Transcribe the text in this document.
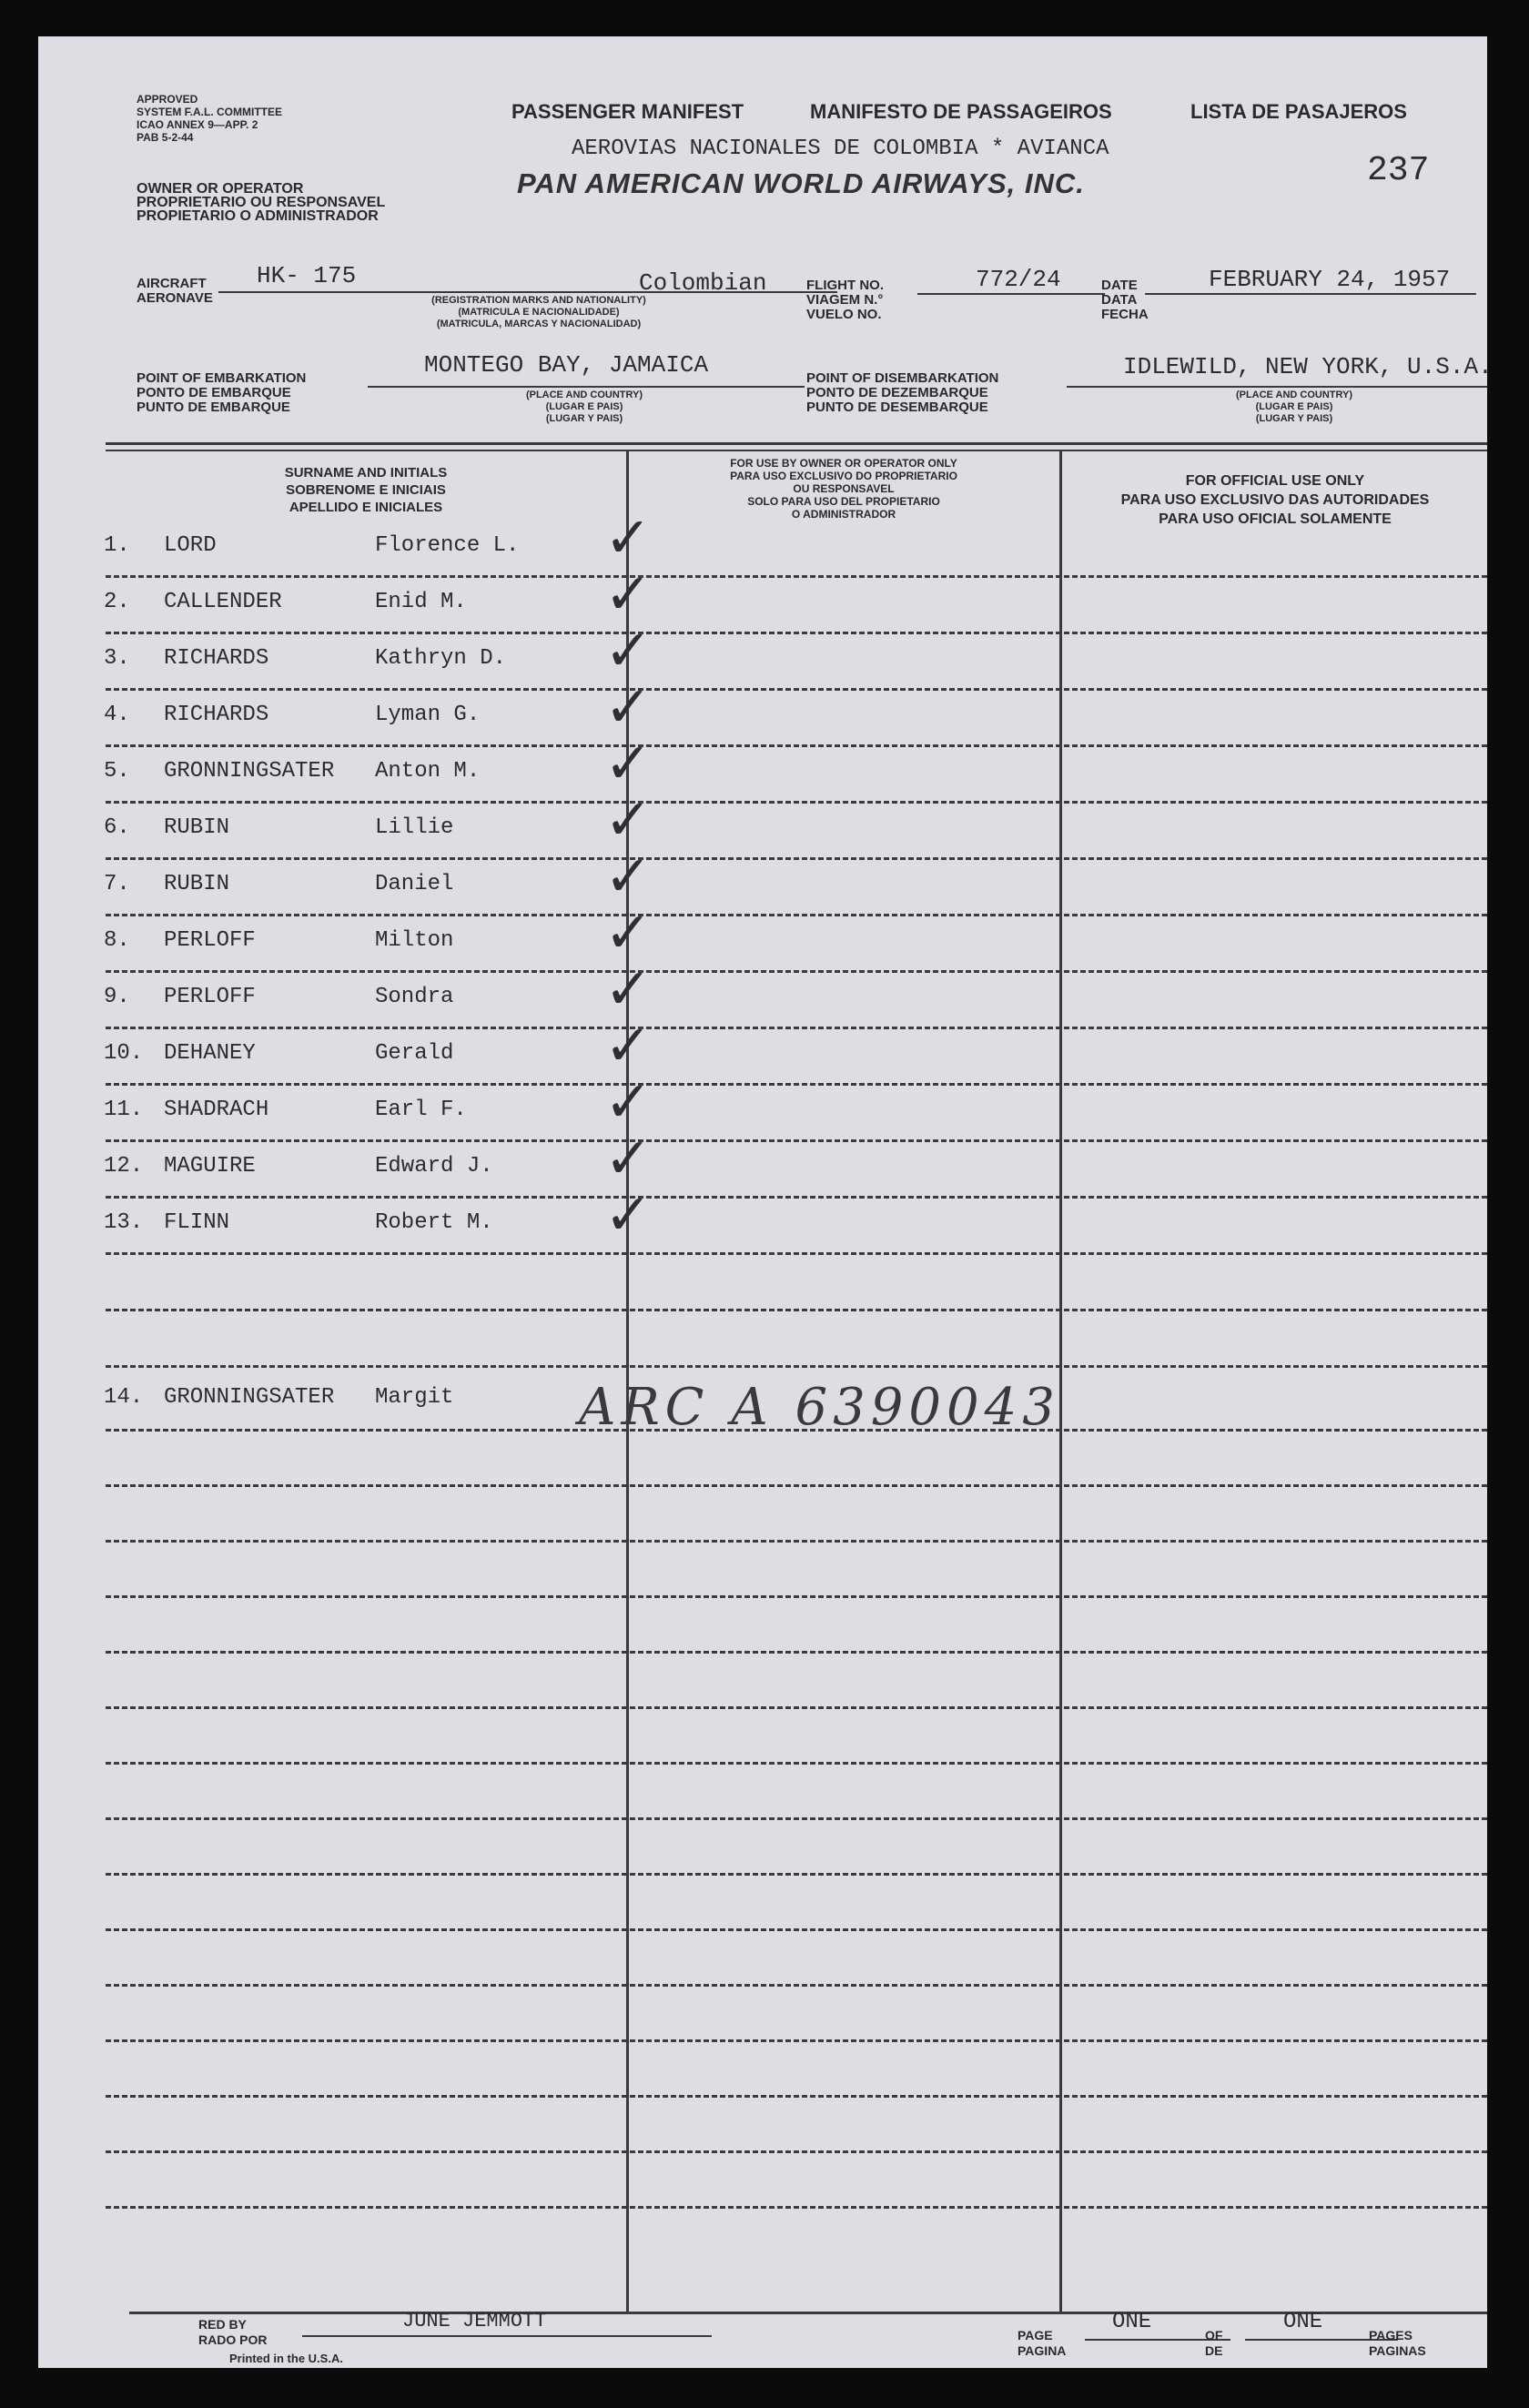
APPROVED
SYSTEM F.A.L. COMMITTEE
ICAO ANNEX 9—APP. 2
PAB 5-2-44
OWNER OR OPERATOR
PROPRIETARIO OU RESPONSAVEL
PROPIETARIO O ADMINISTRADOR
PASSENGER MANIFEST	MANIFESTO DE PASSAGEIROS	LISTA DE PASAJEROS
AEROVIAS NACIONALES DE COLOMBIA * AVIANCA
PAN AMERICAN WORLD AIRWAYS, INC.	237
AIRCRAFT
AERONAVE
HK- 175	Colombian
(REGISTRATION MARKS AND NATIONALITY)
(MATRICULA E NACIONALIDADE)
(MATRICULA, MARCAS Y NACIONALIDAD)
FLIGHT NO.
VIAGEM N.°
VUELO NO.
772/24	DATE
DATA
FECHA
FEBRUARY 24, 1957
POINT OF EMBARKATION
PONTO DE EMBARQUE
PUNTO DE EMBARQUE
MONTEGO BAY, JAMAICA
(PLACE AND COUNTRY)
(LUGAR E PAIS)
(LUGAR Y PAIS)
POINT OF DISEMBARKATION
PONTO DE DEZEMBARQUE
PUNTO DE DESEMBARQUE
IDLEWILD, NEW YORK, U.S.A.
(PLACE AND COUNTRY)
(LUGAR E PAIS)
(LUGAR Y PAIS)
SURNAME AND INITIALS
SOBRENOME E INICIAIS
APELLIDO E INICIALES
FOR USE BY OWNER OR OPERATOR ONLY
PARA USO EXCLUSIVO DO PROPRIETARIO
OU RESPONSAVEL
SOLO PARA USO DEL PROPIETARIO
O ADMINISTRADOR
FOR OFFICIAL USE ONLY
PARA USO EXCLUSIVO DAS AUTORIDADES
PARA USO OFICIAL SOLAMENTE
1. LORD	Florence L. ✓
2. CALLENDER	Enid M. ✓
3. RICHARDS	Kathryn D. ✓
4. RICHARDS	Lyman G. ✓
5. GRONNINGSATER Anton M. ✓
6. RUBIN	Lillie	✓
7. RUBIN	Daniel	✓
8. PERLOFF	Milton	✓
9. PERLOFF	Sondra	✓
10. DEHANEY	Gerald	✓
11. SHADRACH	Earl F. ✓
12. MAGUIRE	Edward J. ✓
13. FLINN	Robert M. ✓
14. GRONNINGSATER Margit ARC A 6390043
RED BY
RADO POR
JUNE JEMMOTT
Printed in the U.S.A.
PAGE
PAGINA
ONE
OF
DE
ONE
PAGES
PAGINAS
